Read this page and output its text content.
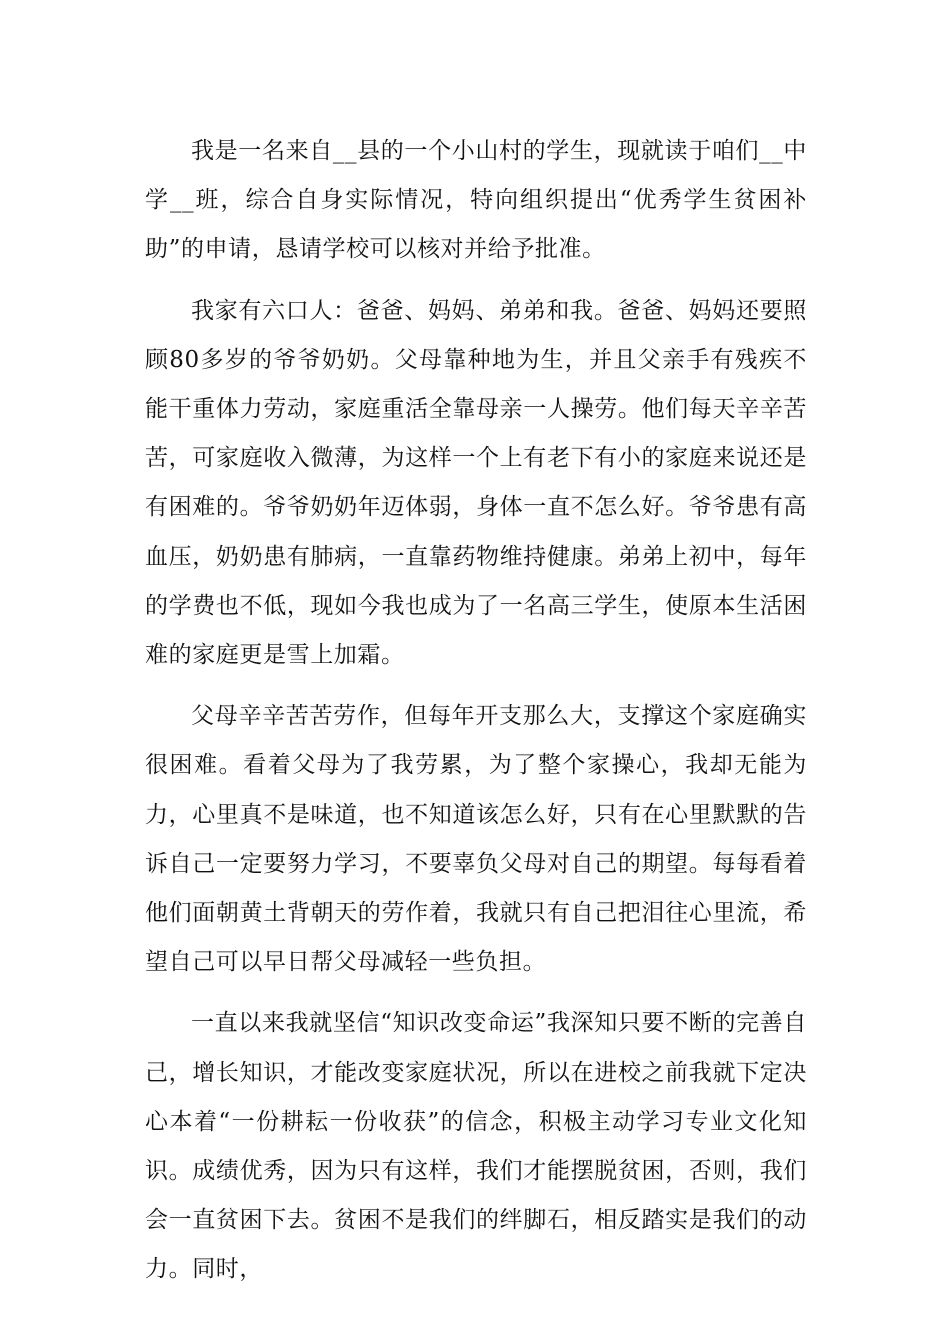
我是一名来自__县的一个小山村的学生，现就读于咱们__中学__班，综合自身实际情况，特向组织提出“优秀学生贫困补助”的申请，恳请学校可以核对并给予批准。

我家有六口人：爸爸、妈妈、弟弟和我。爸爸、妈妈还要照顾80多岁的爷爷奶奶。父母靠种地为生，并且父亲手有残疾不能干重体力劳动，家庭重活全靠母亲一人操劳。他们每天辛辛苦苦，可家庭收入微薄，为这样一个上有老下有小的家庭来说还是有困难的。爷爷奶奶年迈体弱，身体一直不怎么好。爷爷患有高血压，奶奶患有肺病，一直靠药物维持健康。弟弟上初中，每年的学费也不低，现如今我也成为了一名高三学生，使原本生活困难的家庭更是雪上加霜。

父母辛辛苦苦劳作，但每年开支那么大，支撑这个家庭确实很困难。看着父母为了我劳累，为了整个家操心，我却无能为力，心里真不是味道，也不知道该怎么好，只有在心里默默的告诉自己一定要努力学习，不要辜负父母对自己的期望。每每看着他们面朝黄土背朝天的劳作着，我就只有自己把泪往心里流，希望自己可以早日帮父母减轻一些负担。

一直以来我就坚信“知识改变命运”我深知只要不断的完善自己，增长知识，才能改变家庭状况，所以在进校之前我就下定决心本着“一份耕耘一份收获”的信念，积极主动学习专业文化知识。成绩优秀，因为只有这样，我们才能摆脱贫困，否则，我们会一直贫困下去。贫困不是我们的绊脚石，相反踏实是我们的动力。同时，
